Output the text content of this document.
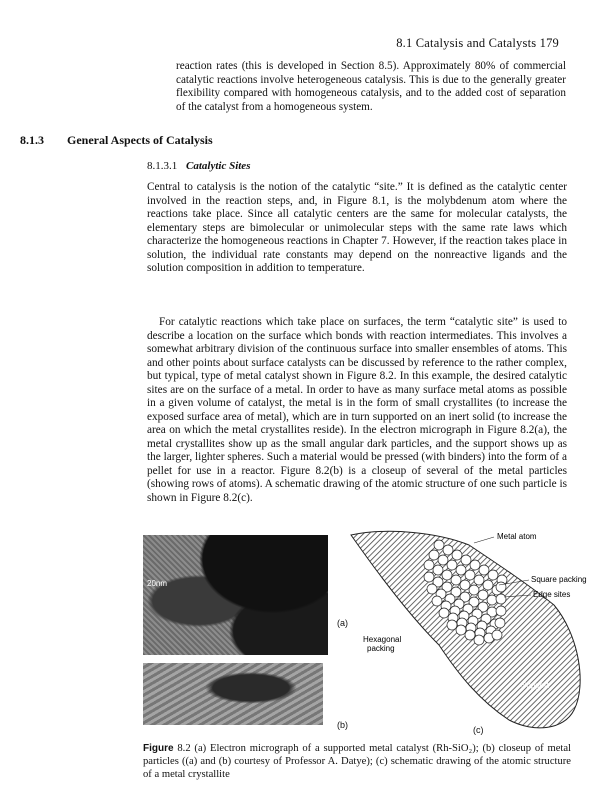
8.1 Catalysis and Catalysts 179

reaction rates (this is developed in Section 8.5). Approximately 80% of commercial catalytic reactions involve heterogeneous catalysis. This is due to the generally greater flexibility compared with homogeneous catalysis, and to the added cost of separation of the catalyst from a homogeneous system.

8.1.3 General Aspects of Catalysis
8.1.3.1 Catalytic Sites

Central to catalysis is the notion of the catalytic “site.” It is defined as the catalytic center involved in the reaction steps, and, in Figure 8.1, is the molybdenum atom where the reactions take place. Since all catalytic centers are the same for molecular catalysts, the elementary steps are bimolecular or unimolecular steps with the same rate laws which characterize the homogeneous reactions in Chapter 7. However, if the reaction takes place in solution, the individual rate constants may depend on the nonreactive ligands and the solution composition in addition to temperature.

For catalytic reactions which take place on surfaces, the term “catalytic site” is used to describe a location on the surface which bonds with reaction intermediates. This involves a somewhat arbitrary division of the continuous surface into smaller ensembles of atoms. This and other points about surface catalysts can be discussed by reference to the rather complex, but typical, type of metal catalyst shown in Figure 8.2. In this example, the desired catalytic sites are on the surface of a metal. In order to have as many surface metal atoms as possible in a given volume of catalyst, the metal is in the form of small crystallites (to increase the exposed surface area of metal), which are in turn supported on an inert solid (to increase the area on which the metal crystallites reside). In the electron micrograph in Figure 8.2(a), the metal crystallites show up as the small angular dark particles, and the support shows up as the larger, lighter spheres. Such a material would be pressed (with binders) into the form of a pellet for use in a reactor. Figure 8.2(b) is a closeup of several of the metal particles (showing rows of atoms). A schematic drawing of the atomic structure of one such particle is shown in Figure 8.2(c).

20nm
(a)
(b)
Metal atom
Square packing
Edge sites
Hexagonal
packing
Support
(c)

Figure 8.2 (a) Electron micrograph of a supported metal catalyst (Rh-SiO₂); (b) closeup of metal particles ((a) and (b) courtesy of Professor A. Datye); (c) schematic drawing of the atomic structure of a metal crystallite
